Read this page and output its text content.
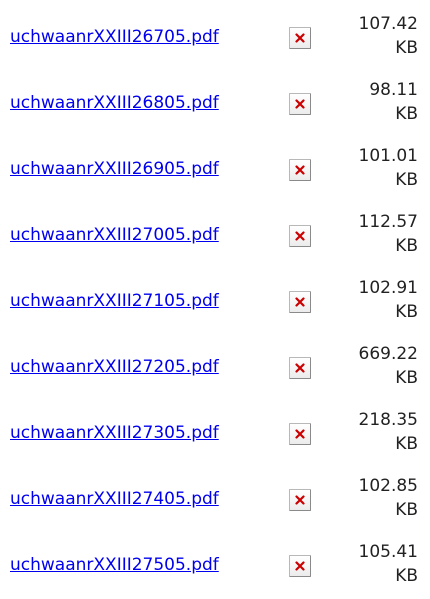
uchwaanrXXIII26705.pdf
107.42
KB
uchwaanrXXIII26805.pdf
98.11
KB
uchwaanrXXIII26905.pdf
101.01
KB
uchwaanrXXIII27005.pdf
112.57
KB
uchwaanrXXIII27105.pdf
102.91
KB
uchwaanrXXIII27205.pdf
669.22
KB
uchwaanrXXIII27305.pdf
218.35
KB
uchwaanrXXIII27405.pdf
102.85
KB
uchwaanrXXIII27505.pdf
105.41
KB
